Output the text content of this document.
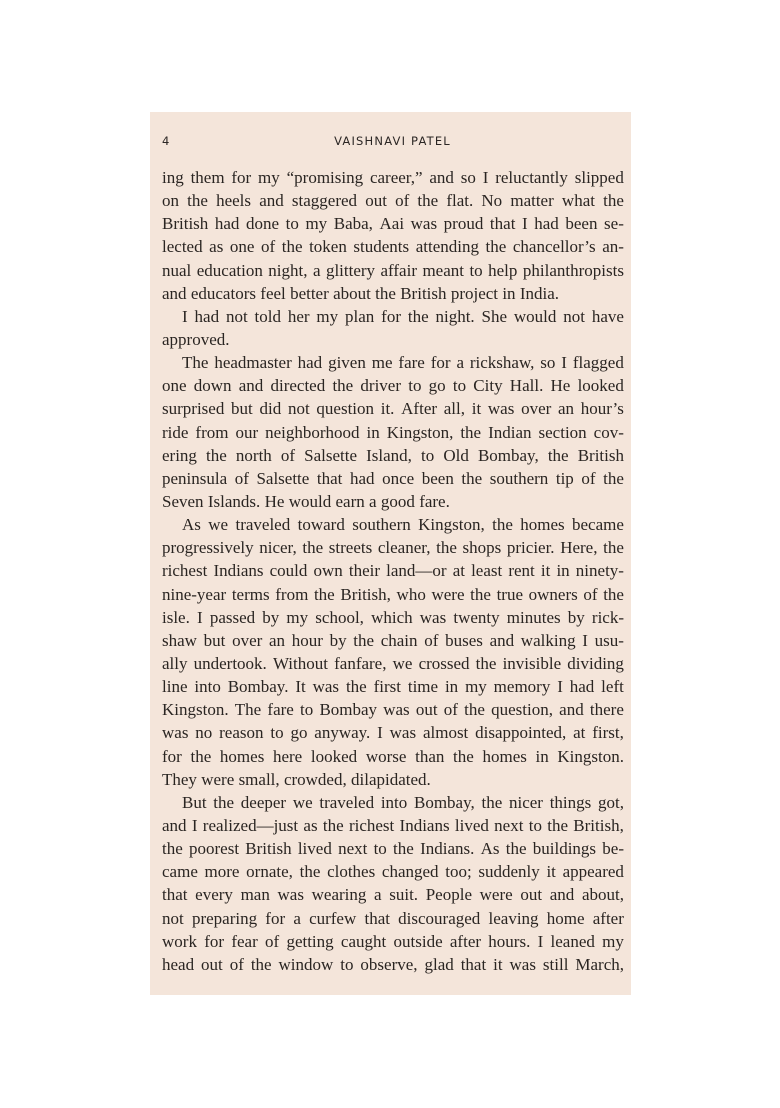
4	VAISHNAVI PATEL
ing them for my “promising career,” and so I reluctantly slipped
on the heels and staggered out of the flat. No matter what the
British had done to my Baba, Aai was proud that I had been se-
lected as one of the token students attending the chancellor’s an-
nual education night, a glittery affair meant to help philanthropists
and educators feel better about the British project in India.
I had not told her my plan for the night. She would not have
approved.
The headmaster had given me fare for a rickshaw, so I flagged
one down and directed the driver to go to City Hall. He looked
surprised but did not question it. After all, it was over an hour’s
ride from our neighborhood in Kingston, the Indian section cov-
ering the north of Salsette Island, to Old Bombay, the British
peninsula of Salsette that had once been the southern tip of the
Seven Islands. He would earn a good fare.
As we traveled toward southern Kingston, the homes became
progressively nicer, the streets cleaner, the shops pricier. Here, the
richest Indians could own their land—or at least rent it in ninety-
nine-year terms from the British, who were the true owners of the
isle. I passed by my school, which was twenty minutes by rick-
shaw but over an hour by the chain of buses and walking I usu-
ally undertook. Without fanfare, we crossed the invisible dividing
line into Bombay. It was the first time in my memory I had left
Kingston. The fare to Bombay was out of the question, and there
was no reason to go anyway. I was almost disappointed, at first,
for the homes here looked worse than the homes in Kingston.
They were small, crowded, dilapidated.
But the deeper we traveled into Bombay, the nicer things got,
and I realized—just as the richest Indians lived next to the British,
the poorest British lived next to the Indians. As the buildings be-
came more ornate, the clothes changed too; suddenly it appeared
that every man was wearing a suit. People were out and about,
not preparing for a curfew that discouraged leaving home after
work for fear of getting caught outside after hours. I leaned my
head out of the window to observe, glad that it was still March,
